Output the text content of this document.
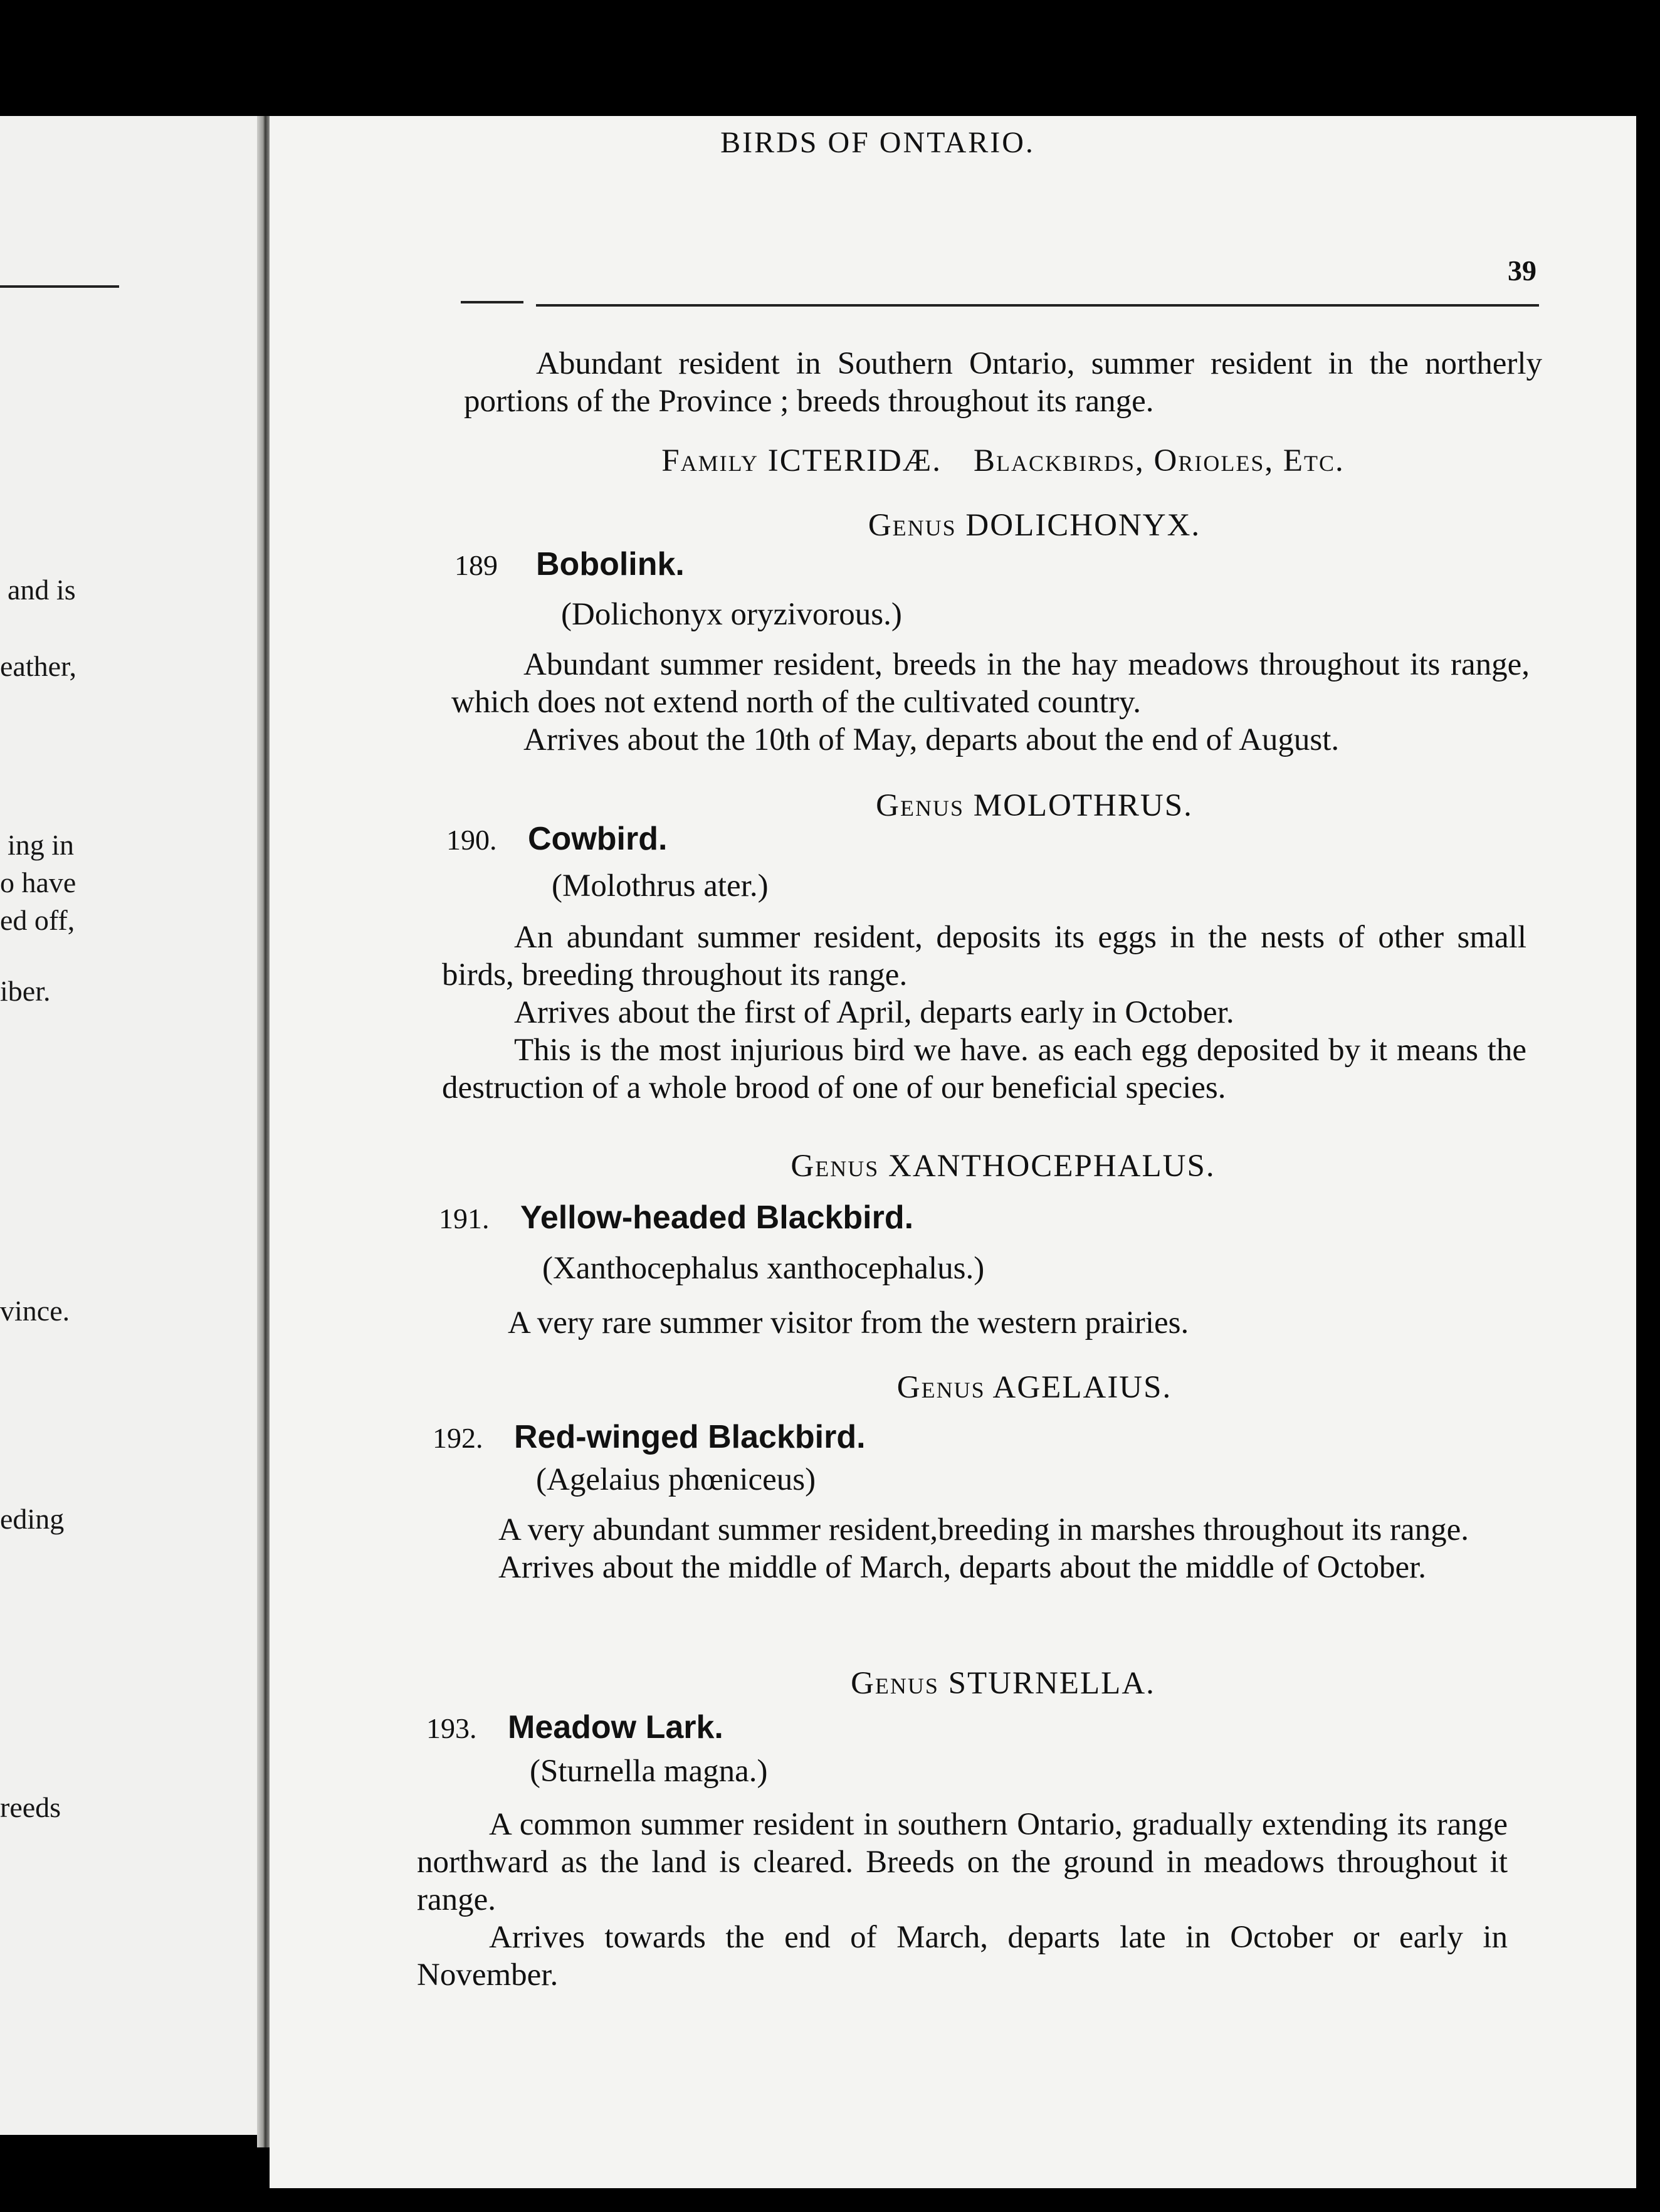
and is
eather,
ing in
o have
ed off,
iber.
vince.
eding
reeds
BIRDS OF ONTARIO.
39
Abundant resident in Southern Ontario, summer resident in the northerly portions of the Province ; breeds throughout its range.
Family ICTERIDÆ. Blackbirds, Orioles, Etc.
Genus DOLICHONYX.
189	Bobolink.
(Dolichonyx oryzivorous.)
Abundant summer resident, breeds in the hay meadows throughout its range, which does not extend north of the cultivated country.
Arrives about the 10th of May, departs about the end of August.
Genus MOLOTHRUS.
190. Cowbird.
(Molothrus ater.)
An abundant summer resident, deposits its eggs in the nests of other small birds, breeding throughout its range.
Arrives about the first of April, departs early in October.
This is the most injurious bird we have. as each egg deposited by it means the destruction of a whole brood of one of our beneficial species.
Genus XANTHOCEPHALUS.
191. Yellow-headed Blackbird.
(Xanthocephalus xanthocephalus.)
A very rare summer visitor from the western prairies.
Genus AGELAIUS.
192. Red-winged Blackbird.
(Agelaius phœniceus)
A very abundant summer resident,breeding in marshes throughout its range.
Arrives about the middle of March, departs about the middle of October.
Genus STURNELLA.
193. Meadow Lark.
(Sturnella magna.)
A common summer resident in southern Ontario, gradually extending its range northward as the land is cleared. Breeds on the ground in meadows throughout it range.
Arrives towards the end of March, departs late in October or early in November.
